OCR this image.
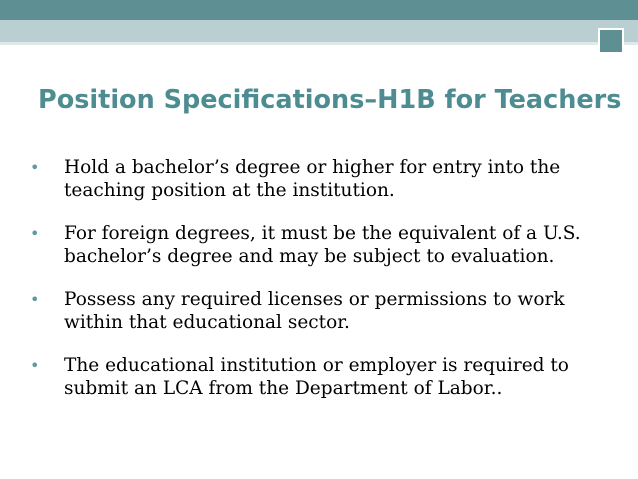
Position Specifications–H1B for Teachers
• Hold a bachelor’s degree or higher for entry into the teaching position at the institution.
• For foreign degrees, it must be the equivalent of a U.S. bachelor’s degree and may be subject to evaluation.
• Possess any required licenses or permissions to work within that educational sector.
• The educational institution or employer is required to submit an LCA from the Department of Labor..
